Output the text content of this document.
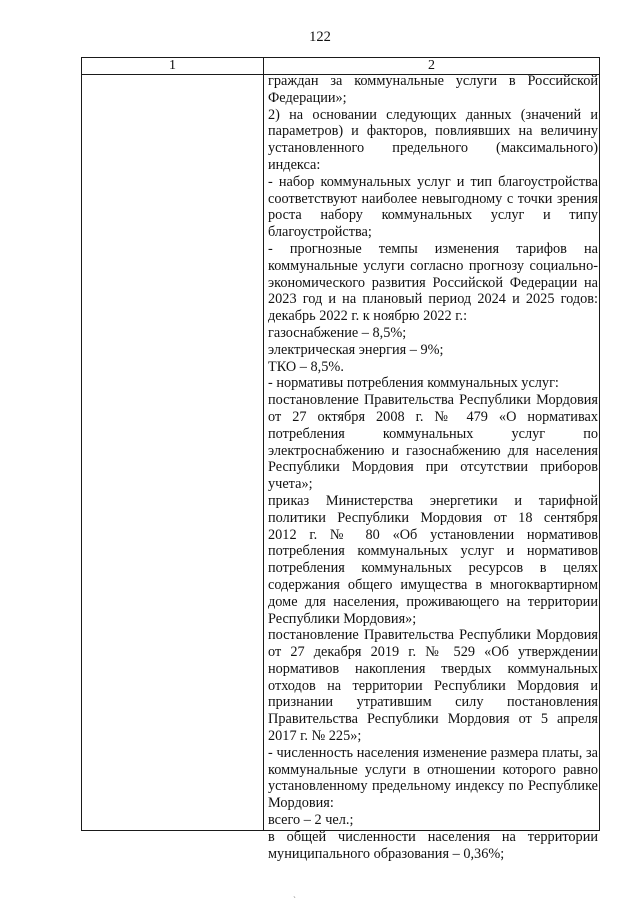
122
1	2
граждан за коммунальные услуги в Российской
Федерации»;
2) на основании следующих данных (значений и
параметров) и факторов, повлиявших на величину
установленного предельного (максимального)
индекса:
- набор коммунальных услуг и тип благоустройства
соответствуют наиболее невыгодному с точки зрения
роста набору коммунальных услуг и типу
благоустройства;
- прогнозные темпы изменения тарифов на
коммунальные услуги согласно прогнозу социально-
экономического развития Российской Федерации на
2023 год и на плановый период 2024 и 2025 годов:
декабрь 2022 г. к ноябрю 2022 г.:
газоснабжение – 8,5%;
электрическая энергия – 9%;
ТКО – 8,5%.
- нормативы потребления коммунальных услуг:
постановление Правительства Республики Мордовия
от 27 октября 2008 г. № 479 «О нормативах
потребления коммунальных услуг по
электроснабжению и газоснабжению для населения
Республики Мордовия при отсутствии приборов
учета»;
приказ Министерства энергетики и тарифной
политики Республики Мордовия от 18 сентября
2012 г. № 80 «Об установлении нормативов
потребления коммунальных услуг и нормативов
потребления коммунальных ресурсов в целях
содержания общего имущества в многоквартирном
доме для населения, проживающего на территории
Республики Мордовия»;
постановление Правительства Республики Мордовия
от 27 декабря 2019 г. № 529 «Об утверждении
нормативов накопления твердых коммунальных
отходов на территории Республики Мордовия и
признании утратившим силу постановления
Правительства Республики Мордовия от 5 апреля
2017 г. № 225»;
- численность населения изменение размера платы, за
коммунальные услуги в отношении которого равно
установленному предельному индексу по Республике
Мордовия:
всего – 2 чел.;
в общей численности населения на территории
муниципального образования – 0,36%;
ˏ
